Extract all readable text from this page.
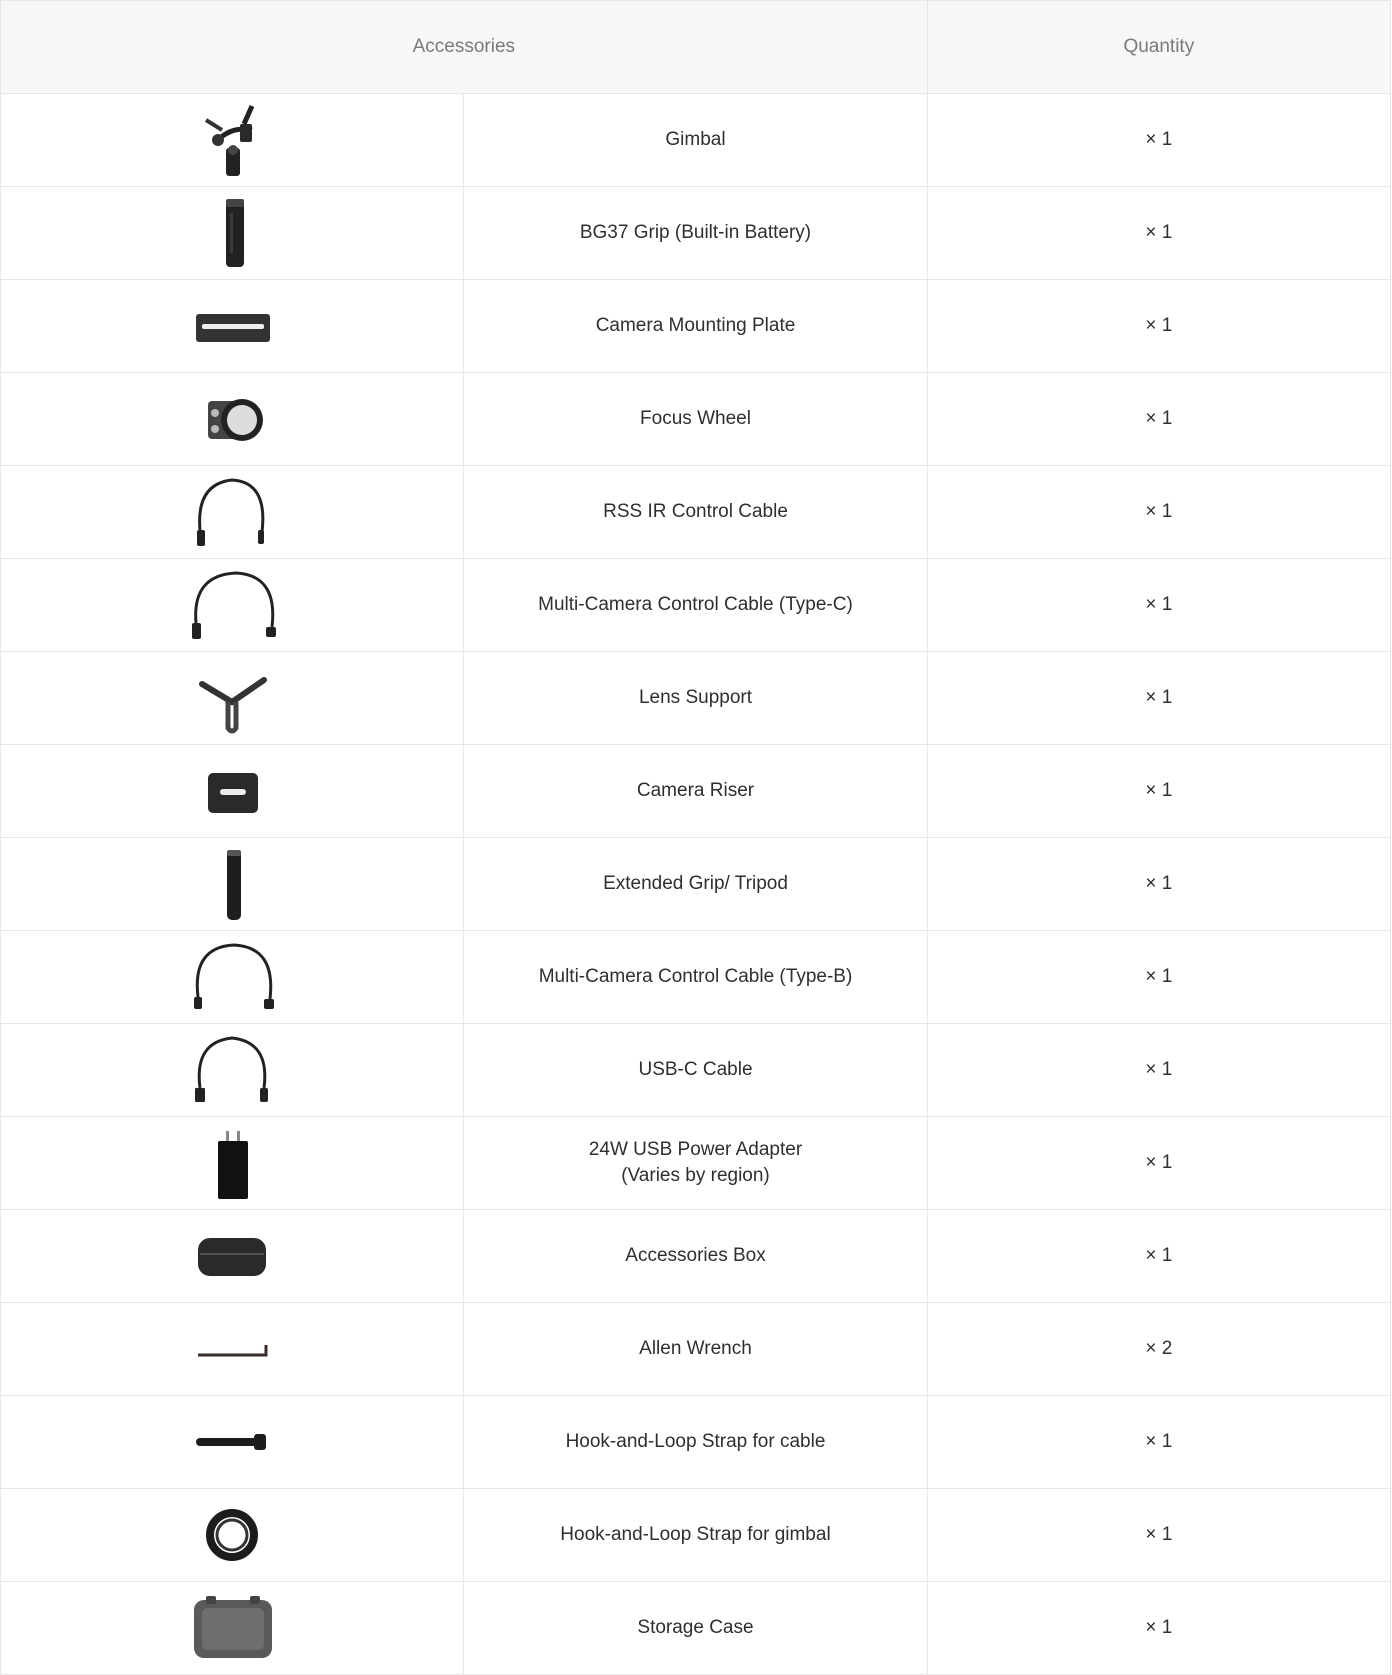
Accessories		Quantity

	Gimbal	× 1

	BG37 Grip (Built-in Battery)	× 1

	Camera Mounting Plate	× 1

	Focus Wheel	× 1

	RSS IR Control Cable	× 1

	Multi-Camera Control Cable (Type-C)	× 1

	Lens Support	× 1

	Camera Riser	× 1

	Extended Grip/ Tripod	× 1

	Multi-Camera Control Cable (Type-B)	× 1

	USB-C Cable	× 1

	24W USB Power Adapter
(Varies by region)	× 1

	Accessories Box	× 1

	Allen Wrench	× 2

	Hook-and-Loop Strap for cable	× 1

	Hook-and-Loop Strap for gimbal	× 1

	Storage Case	× 1
